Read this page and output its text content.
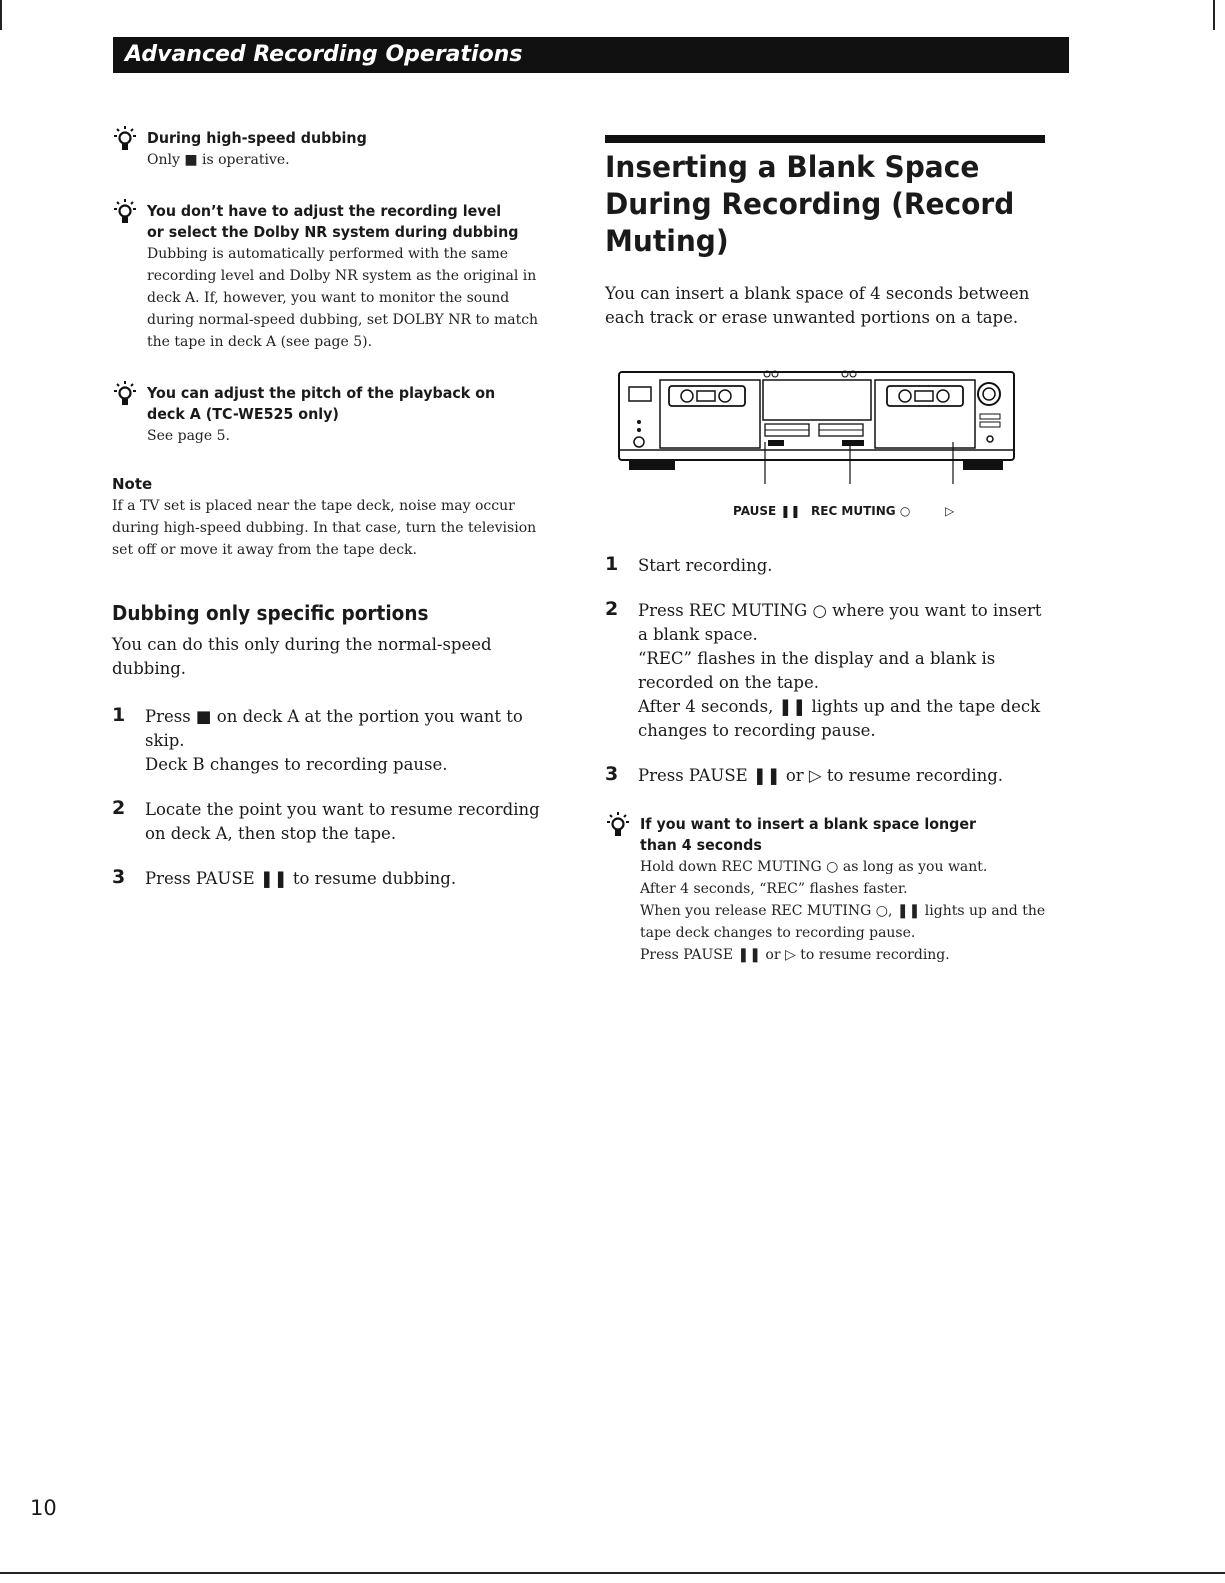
Advanced Recording Operations

During high-speed dubbing

Only ■ is operative.

You don’t have to adjust the recording level or select the Dolby NR system during dubbing

Dubbing is automatically performed with the same recording level and Dolby NR system as the original in deck A. If, however, you want to monitor the sound during normal-speed dubbing, set DOLBY NR to match the tape in deck A (see page 5).

You can adjust the pitch of the playback on deck A (TC-WE525 only)

See page 5.

Note

If a TV set is placed near the tape deck, noise may occur during high-speed dubbing. In that case, turn the television set off or move it away from the tape deck.

Dubbing only specific portions

You can do this only during the normal-speed dubbing.

1 Press ■ on deck A at the portion you want to skip.

Deck B changes to recording pause.

2 Locate the point you want to resume recording on deck A, then stop the tape.

3 Press PAUSE ❚❚ to resume dubbing.

Inserting a Blank Space During Recording (Record Muting)

You can insert a blank space of 4 seconds between each track or erase unwanted portions on a tape.

PAUSE ❚❚ REC MUTING ○	▷
1 Start recording.

2 Press REC MUTING ○ where you want to insert a blank space.

“REC” flashes in the display and a blank is recorded on the tape.

After 4 seconds, ❚❚ lights up and the tape deck changes to recording pause.

3 Press PAUSE ❚❚ or ▷ to resume recording.

If you want to insert a blank space longer than 4 seconds

Hold down REC MUTING ○ as long as you want.

After 4 seconds, “REC” flashes faster.

When you release REC MUTING ○, ❚❚ lights up and the tape deck changes to recording pause.

Press PAUSE ❚❚ or ▷ to resume recording.

10
